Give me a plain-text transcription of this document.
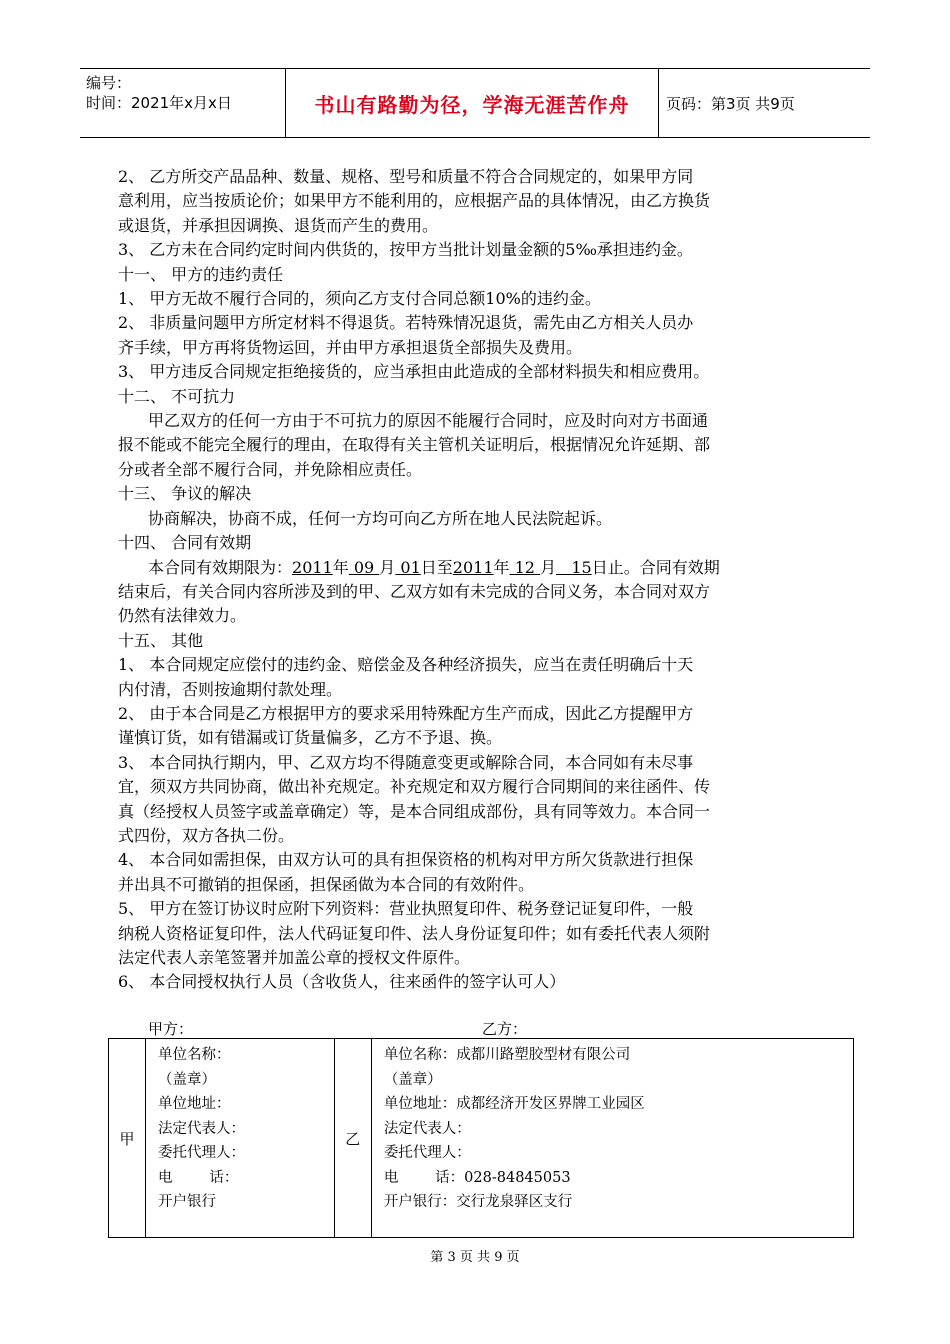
编号：
时间：2021年x月x日	书山有路勤为径，学海无涯苦作舟	页码：第3页 共9页
2、 乙方所交产品品种、数量、规格、型号和质量不符合合同规定的，如果甲方同
意利用，应当按质论价；如果甲方不能利用的，应根据产品的具体情况，由乙方换货
或退货，并承担因调换、退货而产生的费用。
3、 乙方未在合同约定时间内供货的，按甲方当批计划量金额的5‰承担违约金。
十一、 甲方的违约责任
1、 甲方无故不履行合同的，须向乙方支付合同总额10%的违约金。
2、 非质量问题甲方所定材料不得退货。若特殊情况退货，需先由乙方相关人员办
齐手续，甲方再将货物运回，并由甲方承担退货全部损失及费用。
3、 甲方违反合同规定拒绝接货的，应当承担由此造成的全部材料损失和相应费用。
十二、 不可抗力
甲乙双方的任何一方由于不可抗力的原因不能履行合同时，应及时向对方书面通
报不能或不能完全履行的理由，在取得有关主管机关证明后，根据情况允许延期、部
分或者全部不履行合同，并免除相应责任。
十三、 争议的解决
协商解决，协商不成，任何一方均可向乙方所在地人民法院起诉。
十四、 合同有效期
本合同有效期限为：2011年 09 月 01日至2011年 12 月 15日止。合同有效期
结束后，有关合同内容所涉及到的甲、乙双方如有未完成的合同义务，本合同对双方
仍然有法律效力。
十五、 其他
1、 本合同规定应偿付的违约金、赔偿金及各种经济损失，应当在责任明确后十天
内付清，否则按逾期付款处理。
2、 由于本合同是乙方根据甲方的要求采用特殊配方生产而成，因此乙方提醒甲方
谨慎订货，如有错漏或订货量偏多，乙方不予退、换。
3、 本合同执行期内，甲、乙双方均不得随意变更或解除合同，本合同如有未尽事
宜，须双方共同协商，做出补充规定。补充规定和双方履行合同期间的来往函件、传
真（经授权人员签字或盖章确定）等，是本合同组成部份，具有同等效力。本合同一
式四份，双方各执二份。
4、 本合同如需担保，由双方认可的具有担保资格的机构对甲方所欠货款进行担保
并出具不可撤销的担保函，担保函做为本合同的有效附件。
5、 甲方在签订协议时应附下列资料：营业执照复印件、税务登记证复印件，一般
纳税人资格证复印件，法人代码证复印件、法人身份证复印件；如有委托代表人须附
法定代表人亲笔签署并加盖公章的授权文件原件。
6、 本合同授权执行人员（含收货人，往来函件的签字认可人）
甲方：	乙方：
甲	
单位名称：
（盖章）
单位地址：
法定代表人：
委托代理人：
电        话：
开户银行
	乙	
单位名称：成都川路塑胶型材有限公司
（盖章）
单位地址：成都经济开发区界牌工业园区
法定代表人：
委托代理人：
电        话：028-84845053
开户银行：交行龙泉驿区支行
第 3 页 共 9 页
